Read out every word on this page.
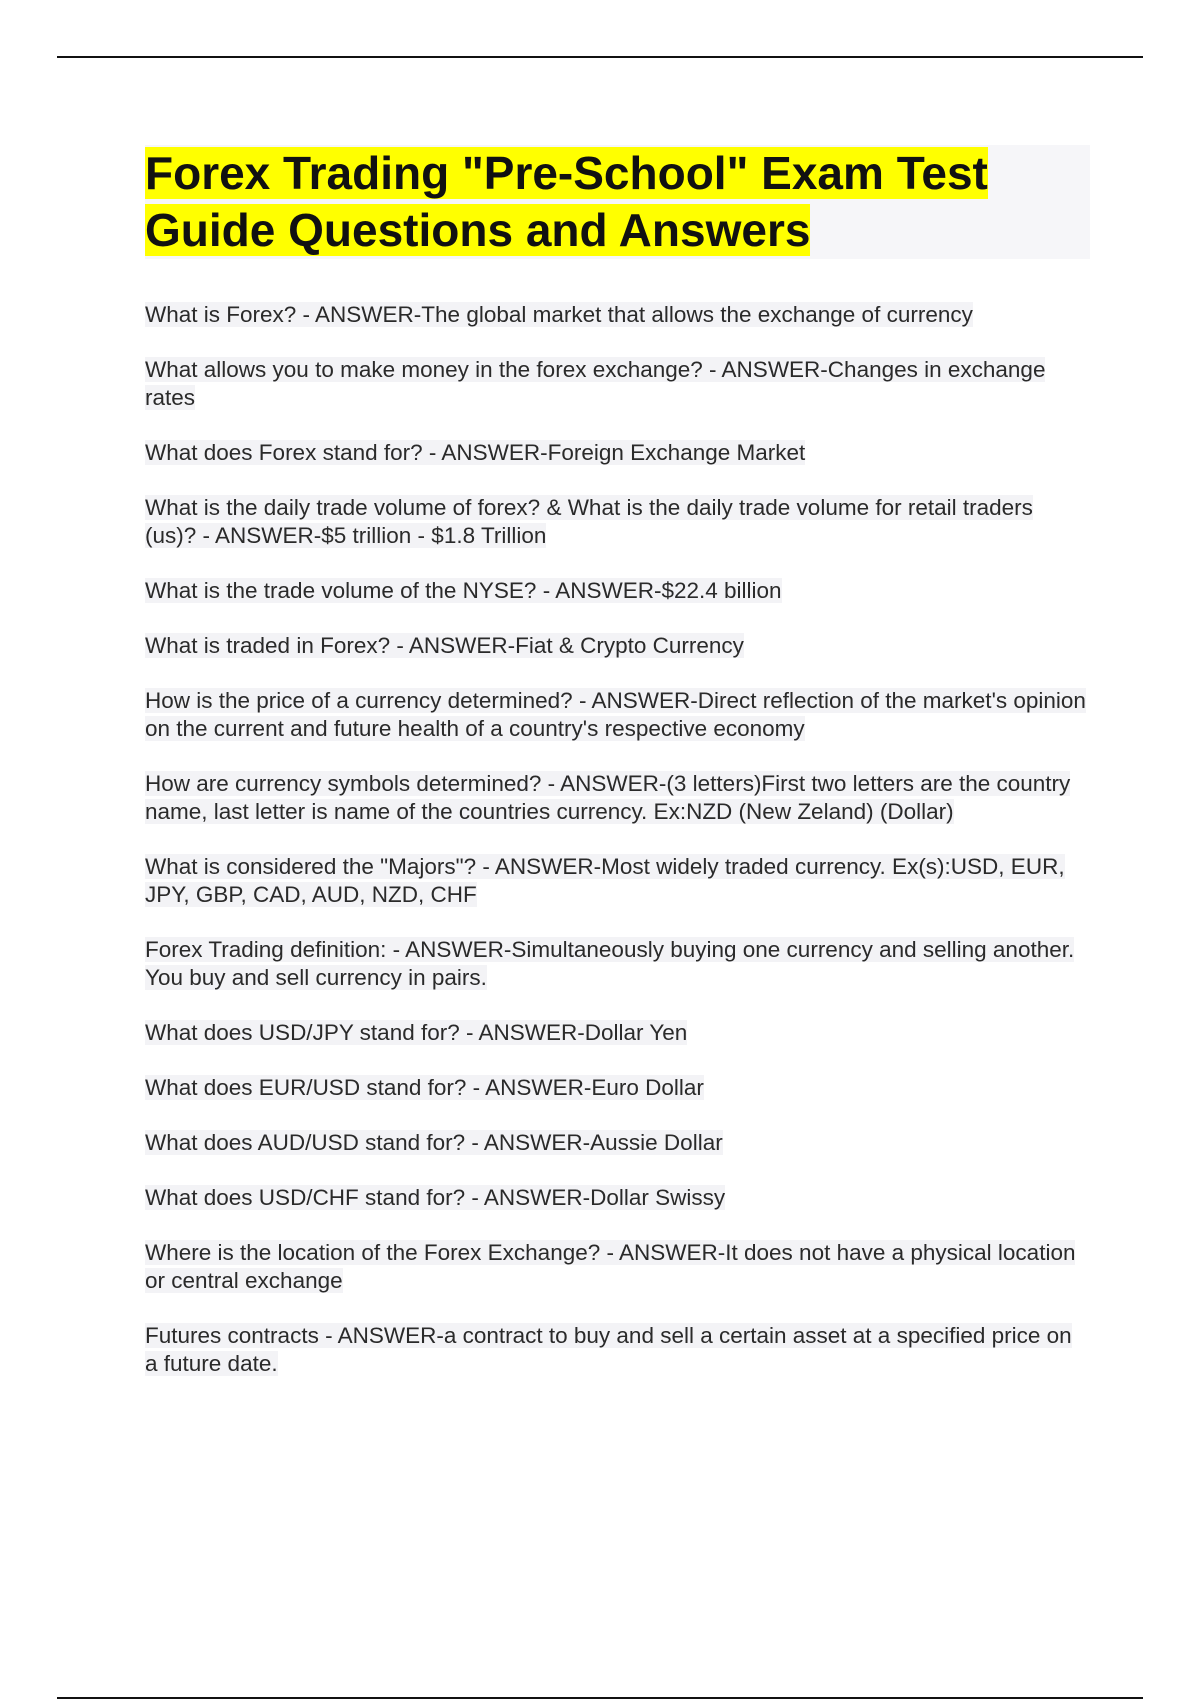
Forex Trading "Pre-School" Exam Test Guide Questions and Answers
What is Forex? - ANSWER-The global market that allows the exchange of currency
What allows you to make money in the forex exchange? - ANSWER-Changes in exchange rates
What does Forex stand for? - ANSWER-Foreign Exchange Market
What is the daily trade volume of forex? & What is the daily trade volume for retail traders (us)? - ANSWER-$5 trillion - $1.8 Trillion
What is the trade volume of the NYSE? - ANSWER-$22.4 billion
What is traded in Forex? - ANSWER-Fiat & Crypto Currency
How is the price of a currency determined? - ANSWER-Direct reflection of the market's opinion on the current and future health of a country's respective economy
How are currency symbols determined? - ANSWER-(3 letters)First two letters are the country name, last letter is name of the countries currency. Ex:NZD (New Zeland) (Dollar)
What is considered the "Majors"? - ANSWER-Most widely traded currency. Ex(s):USD, EUR, JPY, GBP, CAD, AUD, NZD, CHF
Forex Trading definition: - ANSWER-Simultaneously buying one currency and selling another. You buy and sell currency in pairs.
What does USD/JPY stand for? - ANSWER-Dollar Yen
What does EUR/USD stand for? - ANSWER-Euro Dollar
What does AUD/USD stand for? - ANSWER-Aussie Dollar
What does USD/CHF stand for? - ANSWER-Dollar Swissy
Where is the location of the Forex Exchange? - ANSWER-It does not have a physical location or central exchange
Futures contracts - ANSWER-a contract to buy and sell a certain asset at a specified price on a future date.
